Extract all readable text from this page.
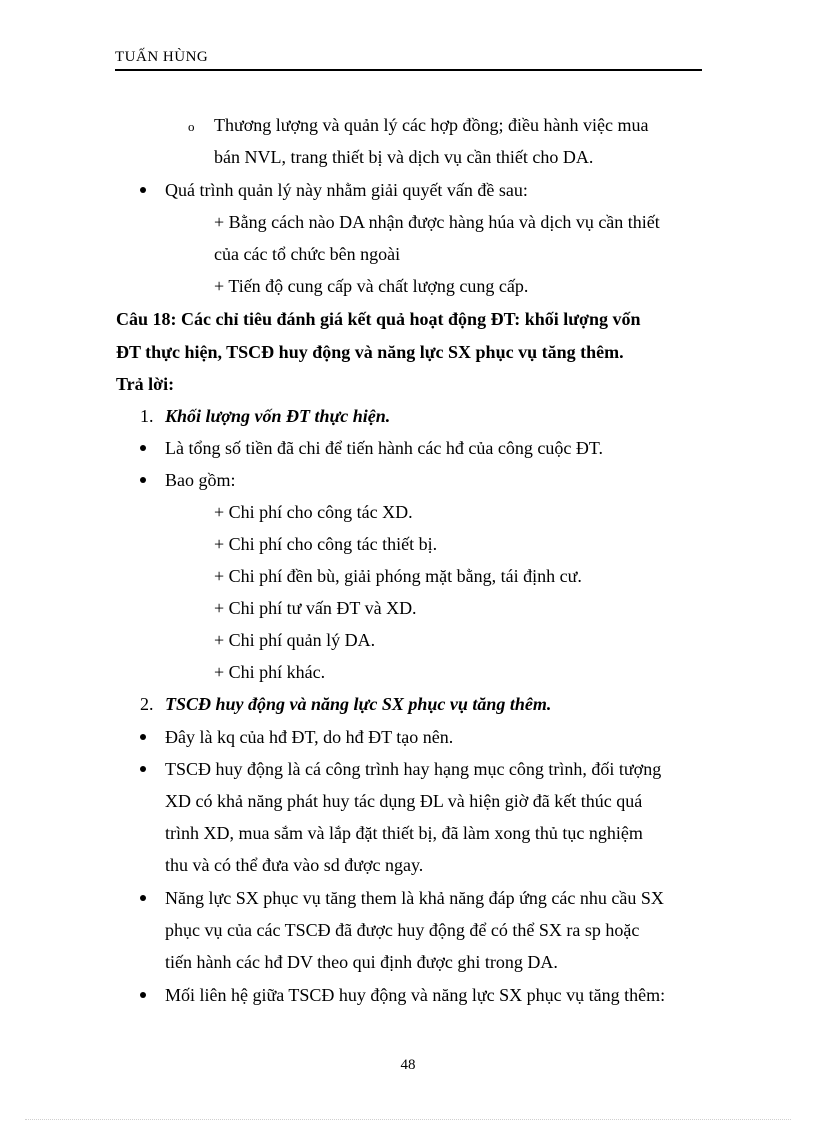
TUẤN HÙNG
o Thương lượng và quản lý các hợp đồng; điều hành việc mua
bán NVL, trang thiết bị và dịch vụ cần thiết cho DA.
Quá trình quản lý này nhằm giải quyết vấn đề sau:
+ Bằng cách nào DA nhận được hàng húa và dịch vụ cần thiết
của các tổ chức bên ngoài
+ Tiến độ cung cấp và chất lượng cung cấp.
Câu 18: Các chỉ tiêu đánh giá kết quả hoạt động ĐT: khối lượng vốn
ĐT thực hiện, TSCĐ huy động và năng lực SX phục vụ tăng thêm.
Trả lời:
1. Khối lượng vốn ĐT thực hiện.
Là tổng số tiền đã chi để tiến hành các hđ của công cuộc ĐT.
Bao gồm:
+ Chi phí cho công tác XD.
+ Chi phí cho công tác thiết bị.
+ Chi phí đền bù, giải phóng mặt bằng, tái định cư.
+ Chi phí tư vấn ĐT và XD.
+ Chi phí quản lý DA.
+ Chi phí khác.
2. TSCĐ huy động và năng lực SX phục vụ tăng thêm.
Đây là kq của hđ ĐT, do hđ ĐT tạo nên.
TSCĐ huy động là cá công trình hay hạng mục công trình, đối tượng
XD có khả năng phát huy tác dụng ĐL và hiện giờ đã kết thúc quá
trình XD, mua sắm và lắp đặt thiết bị, đã làm xong thủ tục nghiệm
thu và có thể đưa vào sd được ngay.
Năng lực SX phục vụ tăng them là khả năng đáp ứng các nhu cầu SX
phục vụ của các TSCĐ đã được huy động để có thể SX ra sp hoặc
tiến hành các hđ DV theo qui định được ghi trong DA.
Mối liên hệ giữa TSCĐ huy động và năng lực SX phục vụ tăng thêm:
48
